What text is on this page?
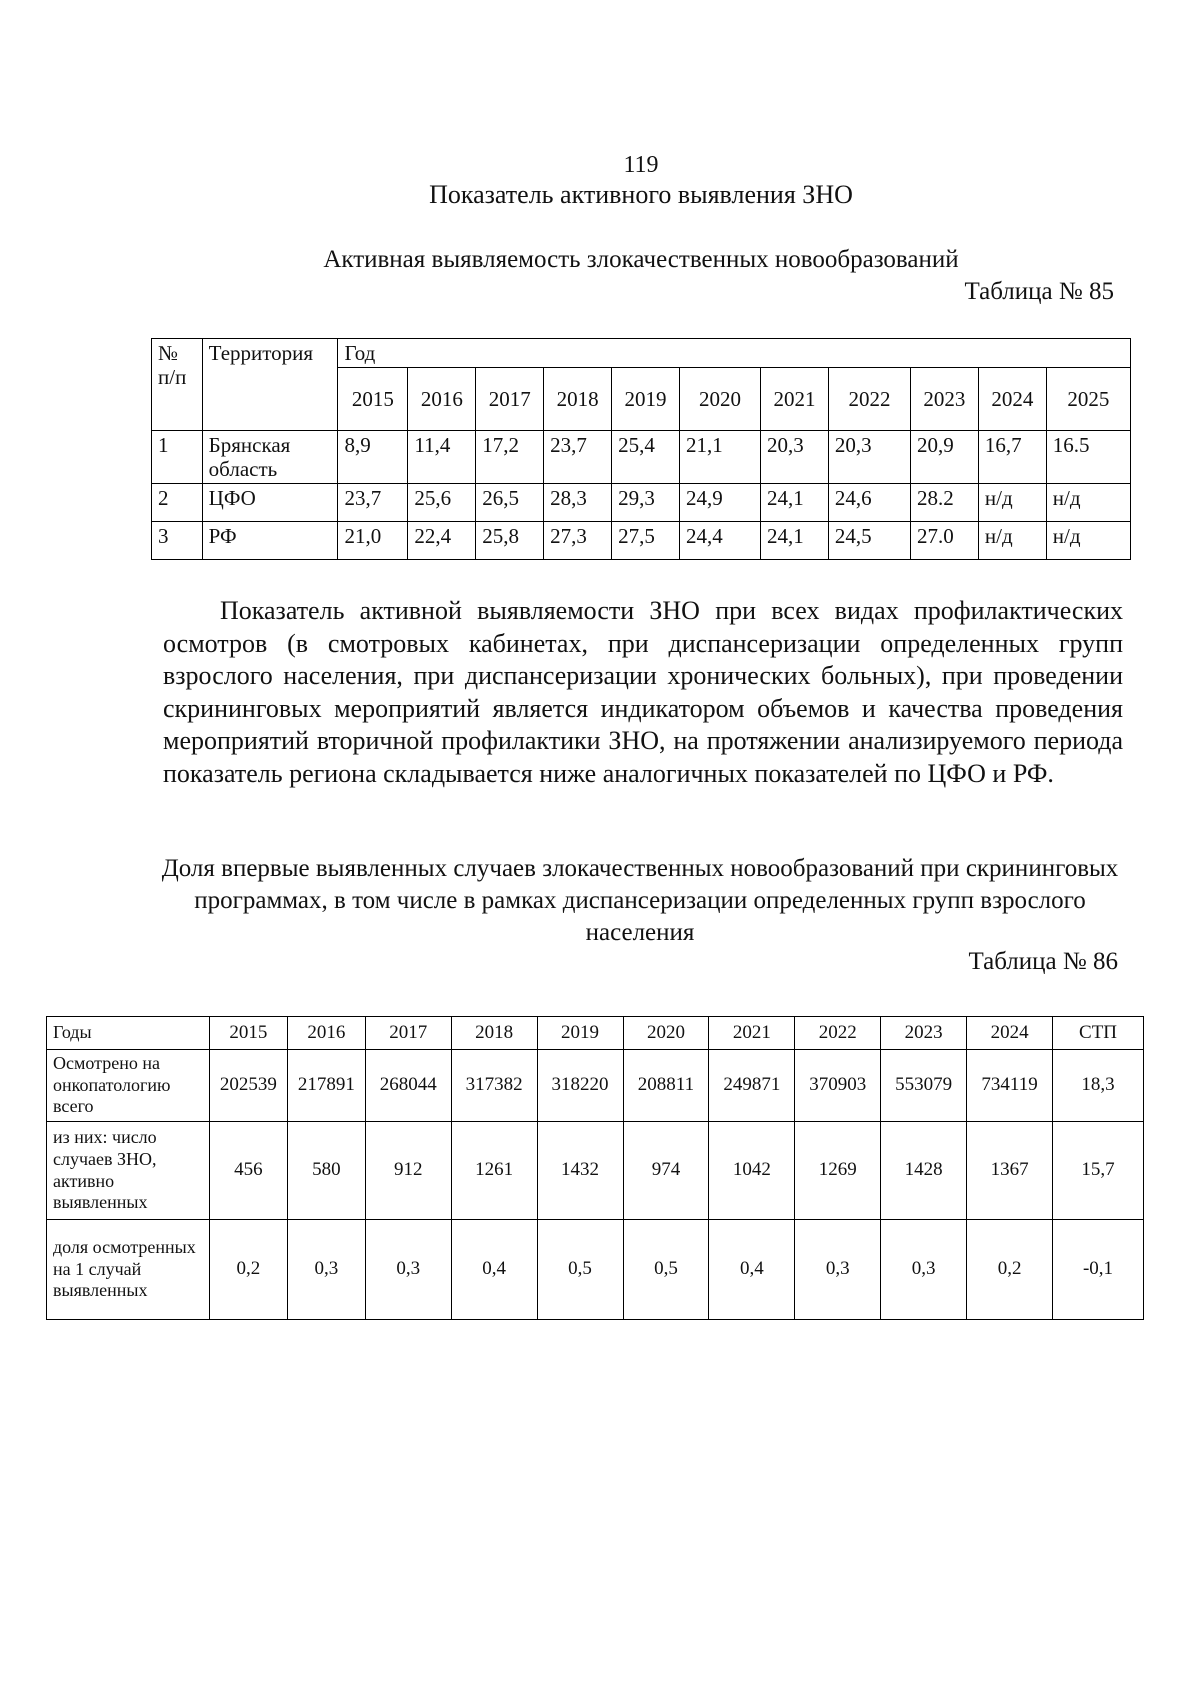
119
Показатель активного выявления ЗНО
Активная выявляемость злокачественных новообразований
Таблица № 85
№ п/п	Территория	Год										
		2015	2016	2017	2018	2019	2020	2021	2022	2023	2024	2025
1	Брянская область	8,9	11,4	17,2	23,7	25,4	21,1	20,3	20,3	20,9	16,7	16.5
2	ЦФО	23,7	25,6	26,5	28,3	29,3	24,9	24,1	24,6	28.2	н/д	н/д
3	РФ	21,0	22,4	25,8	27,3	27,5	24,4	24,1	24,5	27.0	н/д	н/д
Показатель активной выявляемости ЗНО при всех видах профилактических осмотров (в смотровых кабинетах, при диспансеризации определенных групп взрослого населения, при диспансеризации хронических больных), при проведении скрининговых мероприятий является индикатором объемов и качества проведения мероприятий вторичной профилактики ЗНО, на протяжении анализируемого периода показатель региона складывается ниже аналогичных показателей по ЦФО и РФ.
Доля впервые выявленных случаев злокачественных новообразований при скрининговых программах, в том числе в рамках диспансеризации определенных групп взрослого населения
Таблица № 86
Годы	2015	2016	2017	2018	2019	2020	2021	2022	2023	2024	СТП
Осмотрено на онкопатологию всего	202539	217891	268044	317382	318220	208811	249871	370903	553079	734119	18,3
из них: число случаев ЗНО, активно выявленных	456	580	912	1261	1432	974	1042	1269	1428	1367	15,7
доля осмотренных на 1 случай выявленных	0,2	0,3	0,3	0,4	0,5	0,5	0,4	0,3	0,3	0,2	-0,1
